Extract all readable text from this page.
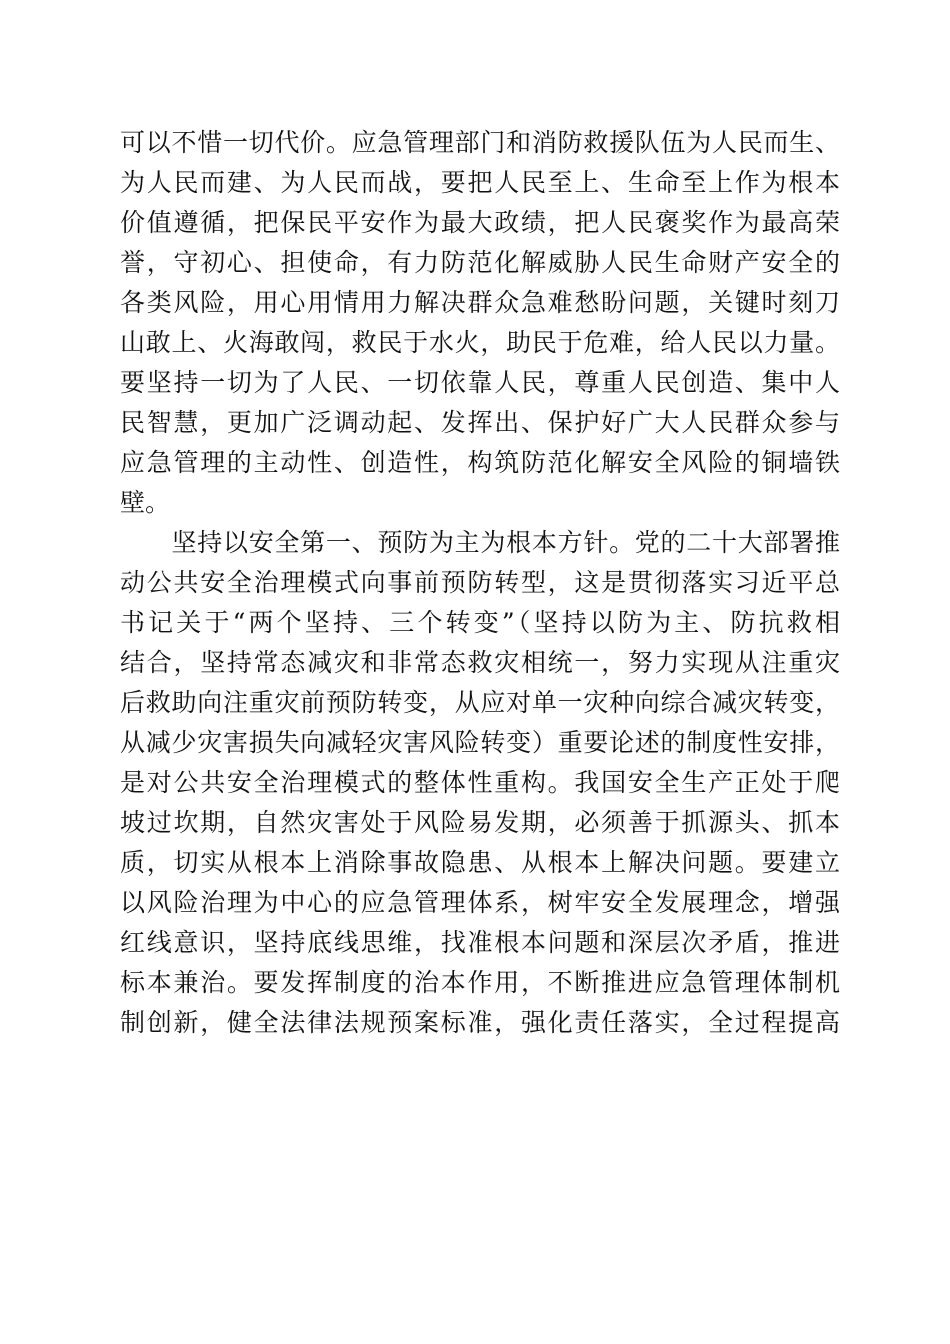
可以不惜一切代价。应急管理部门和消防救援队伍为人民而生、
为人民而建、为人民而战，要把人民至上、生命至上作为根本
价值遵循，把保民平安作为最大政绩，把人民褒奖作为最高荣
誉，守初心、担使命，有力防范化解威胁人民生命财产安全的
各类风险，用心用情用力解决群众急难愁盼问题，关键时刻刀
山敢上、火海敢闯，救民于水火，助民于危难，给人民以力量。
要坚持一切为了人民、一切依靠人民，尊重人民创造、集中人
民智慧，更加广泛调动起、发挥出、保护好广大人民群众参与
应急管理的主动性、创造性，构筑防范化解安全风险的铜墙铁
壁。
　　坚持以安全第一、预防为主为根本方针。党的二十大部署推
动公共安全治理模式向事前预防转型，这是贯彻落实习近平总
书记关于“两个坚持、三个转变”（坚持以防为主、防抗救相
结合，坚持常态减灾和非常态救灾相统一，努力实现从注重灾
后救助向注重灾前预防转变，从应对单一灾种向综合减灾转变，
从减少灾害损失向减轻灾害风险转变）重要论述的制度性安排，
是对公共安全治理模式的整体性重构。我国安全生产正处于爬
坡过坎期，自然灾害处于风险易发期，必须善于抓源头、抓本
质，切实从根本上消除事故隐患、从根本上解决问题。要建立
以风险治理为中心的应急管理体系，树牢安全发展理念，增强
红线意识，坚持底线思维，找准根本问题和深层次矛盾，推进
标本兼治。要发挥制度的治本作用，不断推进应急管理体制机
制创新，健全法律法规预案标准，强化责任落实，全过程提高
